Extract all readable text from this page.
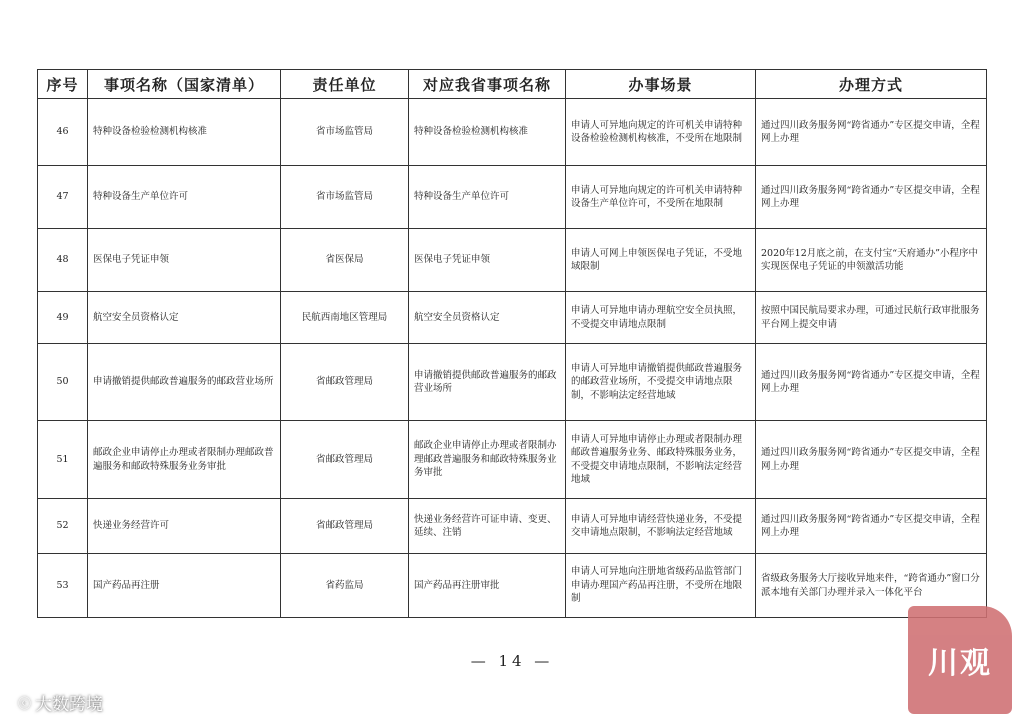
序号	事项名称（国家清单）	责任单位	对应我省事项名称	办事场景	办理方式
46	特种设备检验检测机构核准	省市场监管局	特种设备检验检测机构核准	申请人可异地向规定的许可机关申请特种设备检验检测机构核准，不受所在地限制	通过四川政务服务网“跨省通办”专区提交申请，全程网上办理
47	特种设备生产单位许可	省市场监管局	特种设备生产单位许可	申请人可异地向规定的许可机关申请特种设备生产单位许可，不受所在地限制	通过四川政务服务网“跨省通办”专区提交申请，全程网上办理
48	医保电子凭证申领	省医保局	医保电子凭证申领	申请人可网上申领医保电子凭证，不受地域限制	2020年12月底之前，在支付宝“天府通办”小程序中实现医保电子凭证的申领激活功能
49	航空安全员资格认定	民航西南地区管理局	航空安全员资格认定	申请人可异地申请办理航空安全员执照，不受提交申请地点限制	按照中国民航局要求办理，可通过民航行政审批服务平台网上提交申请
50	申请撤销提供邮政普遍服务的邮政营业场所	省邮政管理局	申请撤销提供邮政普遍服务的邮政营业场所	申请人可异地申请撤销提供邮政普遍服务的邮政营业场所，不受提交申请地点限制，不影响法定经营地域	通过四川政务服务网“跨省通办”专区提交申请，全程网上办理
51	邮政企业申请停止办理或者限制办理邮政普遍服务和邮政特殊服务业务审批	省邮政管理局	邮政企业申请停止办理或者限制办理邮政普遍服务和邮政特殊服务业务审批	申请人可异地申请停止办理或者限制办理邮政普遍服务业务、邮政特殊服务业务，不受提交申请地点限制，不影响法定经营地域	通过四川政务服务网“跨省通办”专区提交申请，全程网上办理
52	快递业务经营许可	省邮政管理局	快递业务经营许可证申请、变更、延续、注销	申请人可异地申请经营快递业务，不受提交申请地点限制，不影响法定经营地域	通过四川政务服务网“跨省通办”专区提交申请，全程网上办理
53	国产药品再注册	省药监局	国产药品再注册审批	申请人可异地向注册地省级药品监管部门申请办理国产药品再注册，不受所在地限制	省级政务服务大厅接收异地来件，“跨省通办”窗口分派本地有关部门办理并录入一体化平台
— 14 —
ⓒ 大数跨境
川观
